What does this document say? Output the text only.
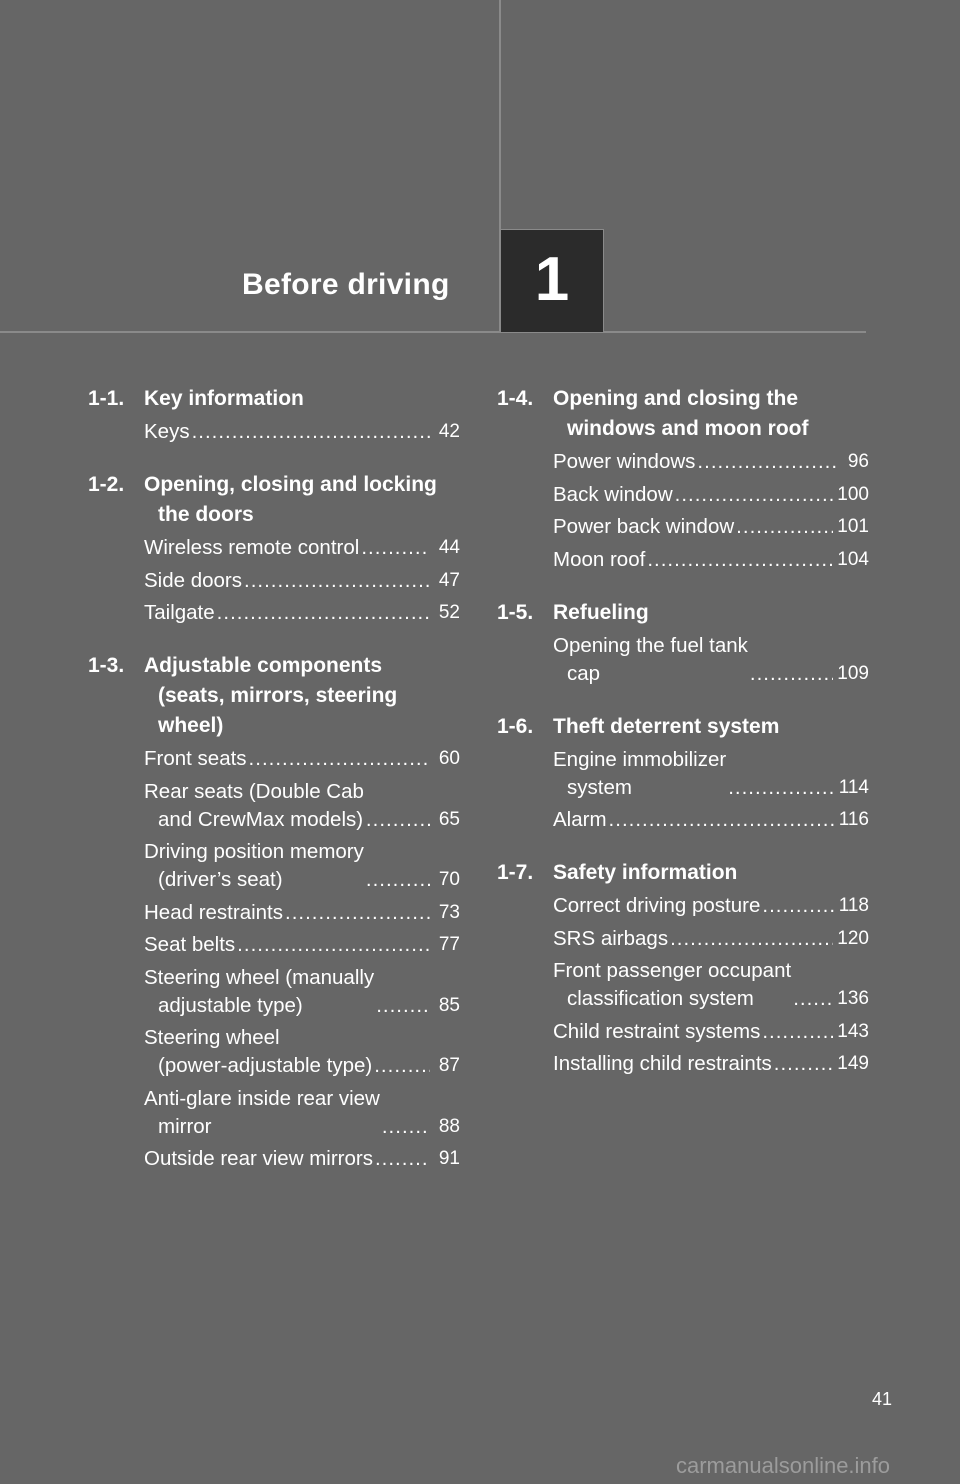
Before driving	1
1-1. Key information
Keys .....	42
1-2. Opening, closing and locking
the doors
Wireless remote control .....	44
Side doors .....	47
Tailgate .....	52
1-3. Adjustable components
(seats, mirrors, steering
wheel)
Front seats .....	60
Rear seats (Double Cab
and CrewMax models) .....	65
Driving position memory
(driver’s seat) .....	70
Head restraints .....	73
Seat belts .....	77
Steering wheel (manually
adjustable type) .....	85
Steering wheel
(power-adjustable type) .....	87
Anti-glare inside rear view
mirror .....	88
Outside rear view mirrors .....	91
1-4. Opening and closing the
windows and moon roof
Power windows .....	96
Back window .....	100
Power back window .....	101
Moon roof .....	104
1-5. Refueling
Opening the fuel tank
cap .....	109
1-6. Theft deterrent system
Engine immobilizer
system .....	114
Alarm .....	116
1-7. Safety information
Correct driving posture .....	118
SRS airbags .....	120
Front passenger occupant
classification system .....	136
Child restraint systems .....	143
Installing child restraints .....	149
41
carmanualsonline.info
